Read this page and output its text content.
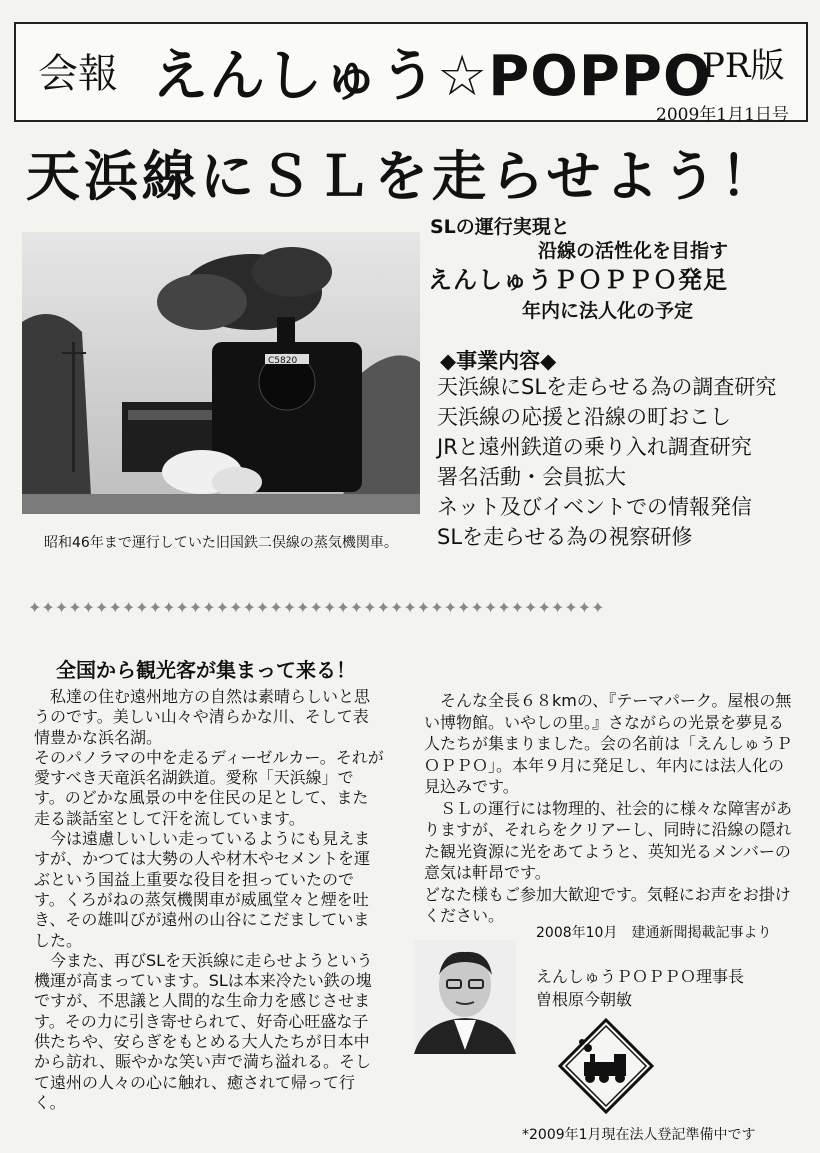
会報 えんしゅう☆POPPO
PR版
2009年1月1日号
天浜線にＳＬを走らせよう！
C5820
昭和46年まで運行していた旧国鉄二俣線の蒸気機関車。
SLの運行実現と
沿線の活性化を目指す
えんしゅうＰＯＰＰＯ発足
年内に法人化の予定
◆事業内容◆
天浜線にSLを走らせる為の調査研究
天浜線の応援と沿線の町おこし
JRと遠州鉄道の乗り入れ調査研究
署名活動・会員拡大
ネット及びイベントでの情報発信
SLを走らせる為の視察研修
✦✦✦✦✦✦✦✦✦✦✦✦✦✦✦✦✦✦✦✦✦✦✦✦✦✦✦✦✦✦✦✦✦✦✦✦✦✦✦✦✦✦✦
全国から観光客が集まって来る！

　私達の住む遠州地方の自然は素晴らしいと思うのです。美しい山々や清らかな川、そして表情豊かな浜名湖。

そのパノラマの中を走るディーゼルカー。それが愛すべき天竜浜名湖鉄道。愛称「天浜線」です。のどかな風景の中を住民の足として、また走る談話室として汗を流しています。

　今は遠慮しいしい走っているようにも見えますが、かつては大勢の人や材木やセメントを運ぶという国益上重要な役目を担っていたのです。くろがねの蒸気機関車が威風堂々と煙を吐き、その雄叫びが遠州の山谷にこだましていました。

　今また、再びSLを天浜線に走らせようという機運が高まっています。SLは本来冷たい鉄の塊ですが、不思議と人間的な生命力を感じさせます。その力に引き寄せられて、好奇心旺盛な子供たちや、安らぎをもとめる大人たちが日本中から訪れ、賑やかな笑い声で満ち溢れる。そして遠州の人々の心に触れ、癒されて帰って行く。

　そんな全長６８kmの、『テーマパーク。屋根の無い博物館。いやしの里。』さながらの光景を夢見る人たちが集まりました。会の名前は「えんしゅうＰＯＰＰＯ」。本年９月に発足し、年内には法人化の見込みです。

　ＳＬの運行には物理的、社会的に様々な障害がありますが、それらをクリアーし、同時に沿線の隠れた観光資源に光をあてようと、英知光るメンバーの意気は軒昂です。

どなた様もご参加大歓迎です。気軽にお声をお掛けください。

2008年10月　建通新聞掲載記事より
えんしゅうＰＯＰＰＯ理事長
曽根原今朝敏
*2009年1月現在法人登記準備中です
